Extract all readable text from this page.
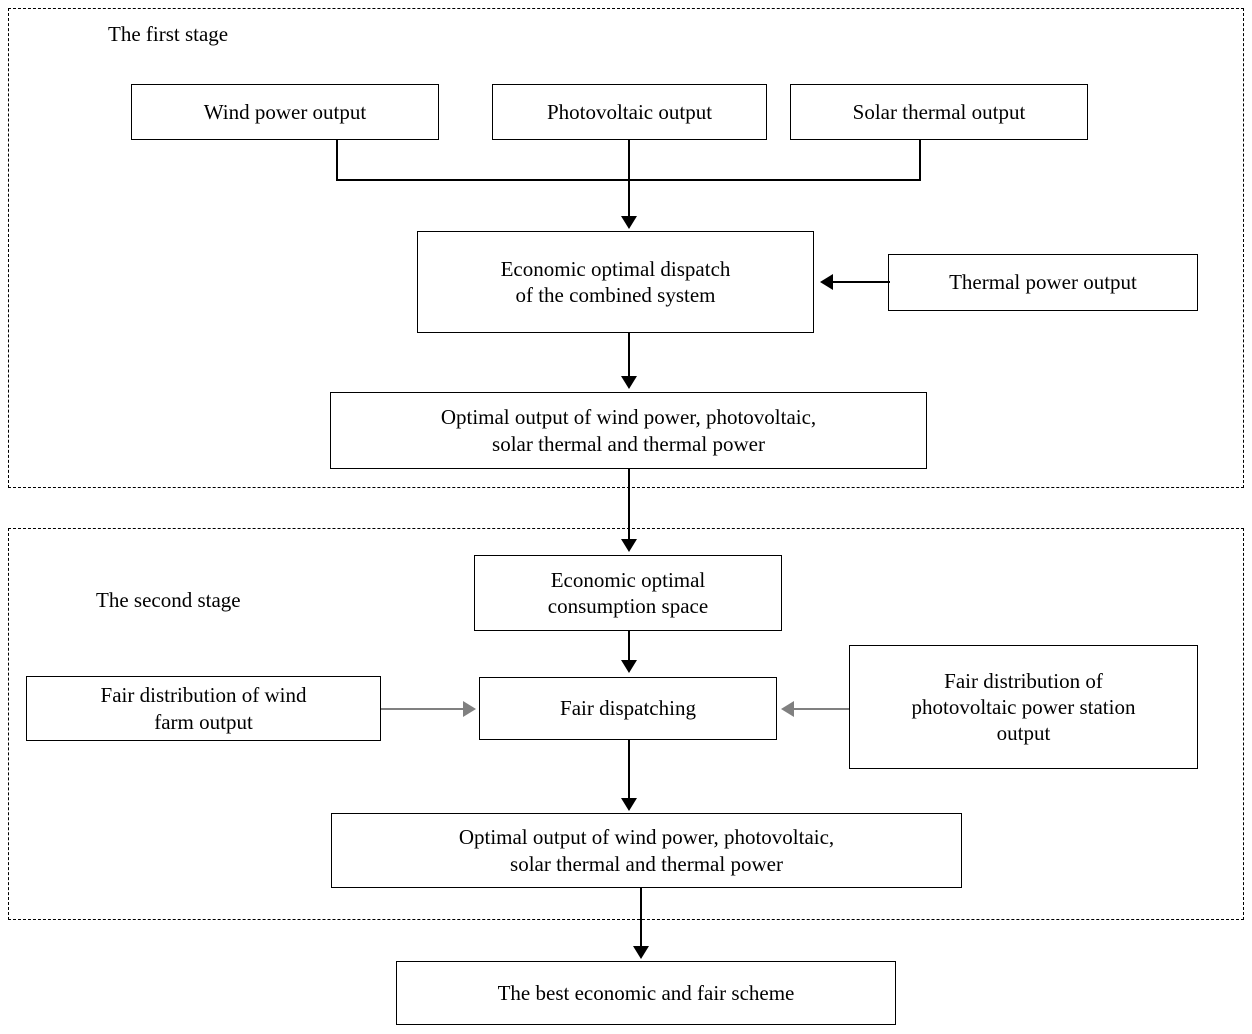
The first stage
The second stage
Wind power output	Photovoltaic output	Solar thermal output
Economic optimal dispatch
of the combined system
Thermal power output
Optimal output of wind power, photovoltaic,
solar thermal and thermal power
Economic optimal
consumption space
Fair distribution of wind
farm output
Fair dispatching
Fair distribution of
photovoltaic power station
output
Optimal output of wind power, photovoltaic,
solar thermal and thermal power
The best economic and fair scheme
